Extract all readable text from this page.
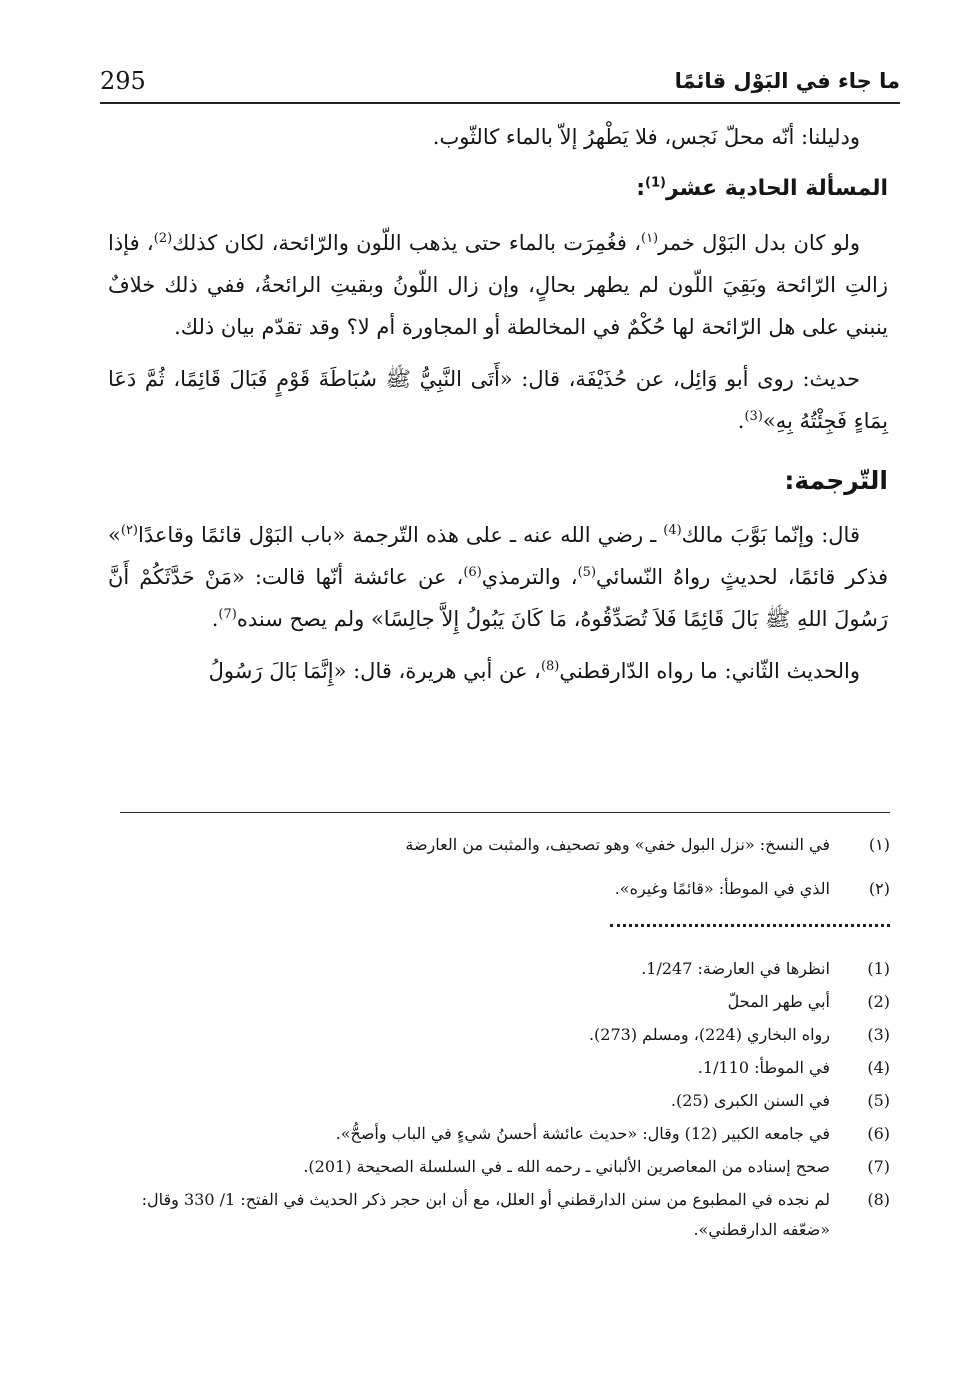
295	ما جاء في البَوْل قائمًا

ودليلنا: أنّه محلّ نَجس، فلا يَطْهرُ إلاّ بالماء كالثّوب.

المسألة الحادية عشر$^{(1)}$:

ولو كان بدل البَوْل خمر$^{(١)}$، فغُمِرَت بالماء حتى يذهب اللّون والرّائحة، لكان كذلك$^{(2)}$، فإذا زالتِ الرّائحة وبَقِيَ اللّون لم يطهر بحالٍ، وإن زال اللّونُ وبقيتِ الرائحةُ، ففي ذلك خلافٌ ينبني على هل الرّائحة لها حُكْمٌ في المخالطة أو المجاورة أم لا؟ وقد تقدّم بيان ذلك.

حديث: روى أبو وَائِل، عن حُذَيْفَة، قال: «أَتَى النَّبِيُّ ﷺ سُبَاطَةَ قَوْمٍ فَبَالَ قَائِمًا، ثُمَّ دَعَا بِمَاءٍ فَجِئْتُهُ بِهِ»$^{(3)}$.

التّرجمة:

قال: وإنّما بَوَّبَ مالك$^{(4)}$ ـ رضي الله عنه ـ على هذه التّرجمة «باب البَوْل قائمًا وقاعدًا$^{(٢)}$» فذكر قائمًا، لحديثٍ رواهُ النّسائي$^{(5)}$، والترمذي$^{(6)}$، عن عائشة أنّها قالت: «مَنْ حَدَّثَكُمْ أَنَّ رَسُولَ اللهِ ﷺ بَالَ قَائِمًا فَلاَ تُصَدِّقُوهُ، مَا كَانَ يَبُولُ إِلاَّ جالِسًا» ولم يصح سنده$^{(7)}$.

والحديث الثّاني: ما رواه الدّارقطني$^{(8)}$، عن أبي هريرة، قال: «إِنَّمَا بَالَ رَسُولُ

(١)
في النسخ: «نزل البول خفي» وهو تصحيف، والمثبت من العارضة
(٢)
الذي في الموطأ: «قائمًا وغيره».
(1)
انظرها في العارضة: 1/247.
(2)
أبي طهر المحلّ
(3)
رواه البخاري (224)، ومسلم (273).
(4)
في الموطأ: 1/110.
(5)
في السنن الكبرى (25).
(6)
في جامعه الكبير (12) وقال: «حديث عائشة أحسنُ شيءٍ في الباب وأصحُّ».
(7)
صحح إسناده من المعاصرين الألباني ـ رحمه الله ـ في السلسلة الصحيحة (201).
(8)
لم نجده في المطبوع من سنن الدارقطني أو العلل، مع أن ابن حجر ذكر الحديث في الفتح: 1/ 330 وقال: «ضعّفه الدارقطني».
